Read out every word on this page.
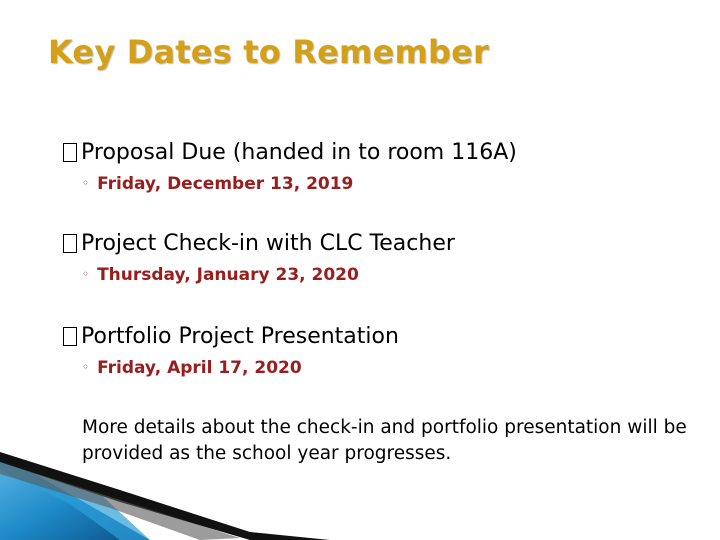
Key Dates to Remember
Proposal Due (handed in to room 116A)
◦ Friday, December 13, 2019
Project Check-in with CLC Teacher
◦ Thursday, January 23, 2020
Portfolio Project Presentation
◦ Friday, April 17, 2020
More details about the check-in and portfolio presentation will be provided as the school year progresses.
